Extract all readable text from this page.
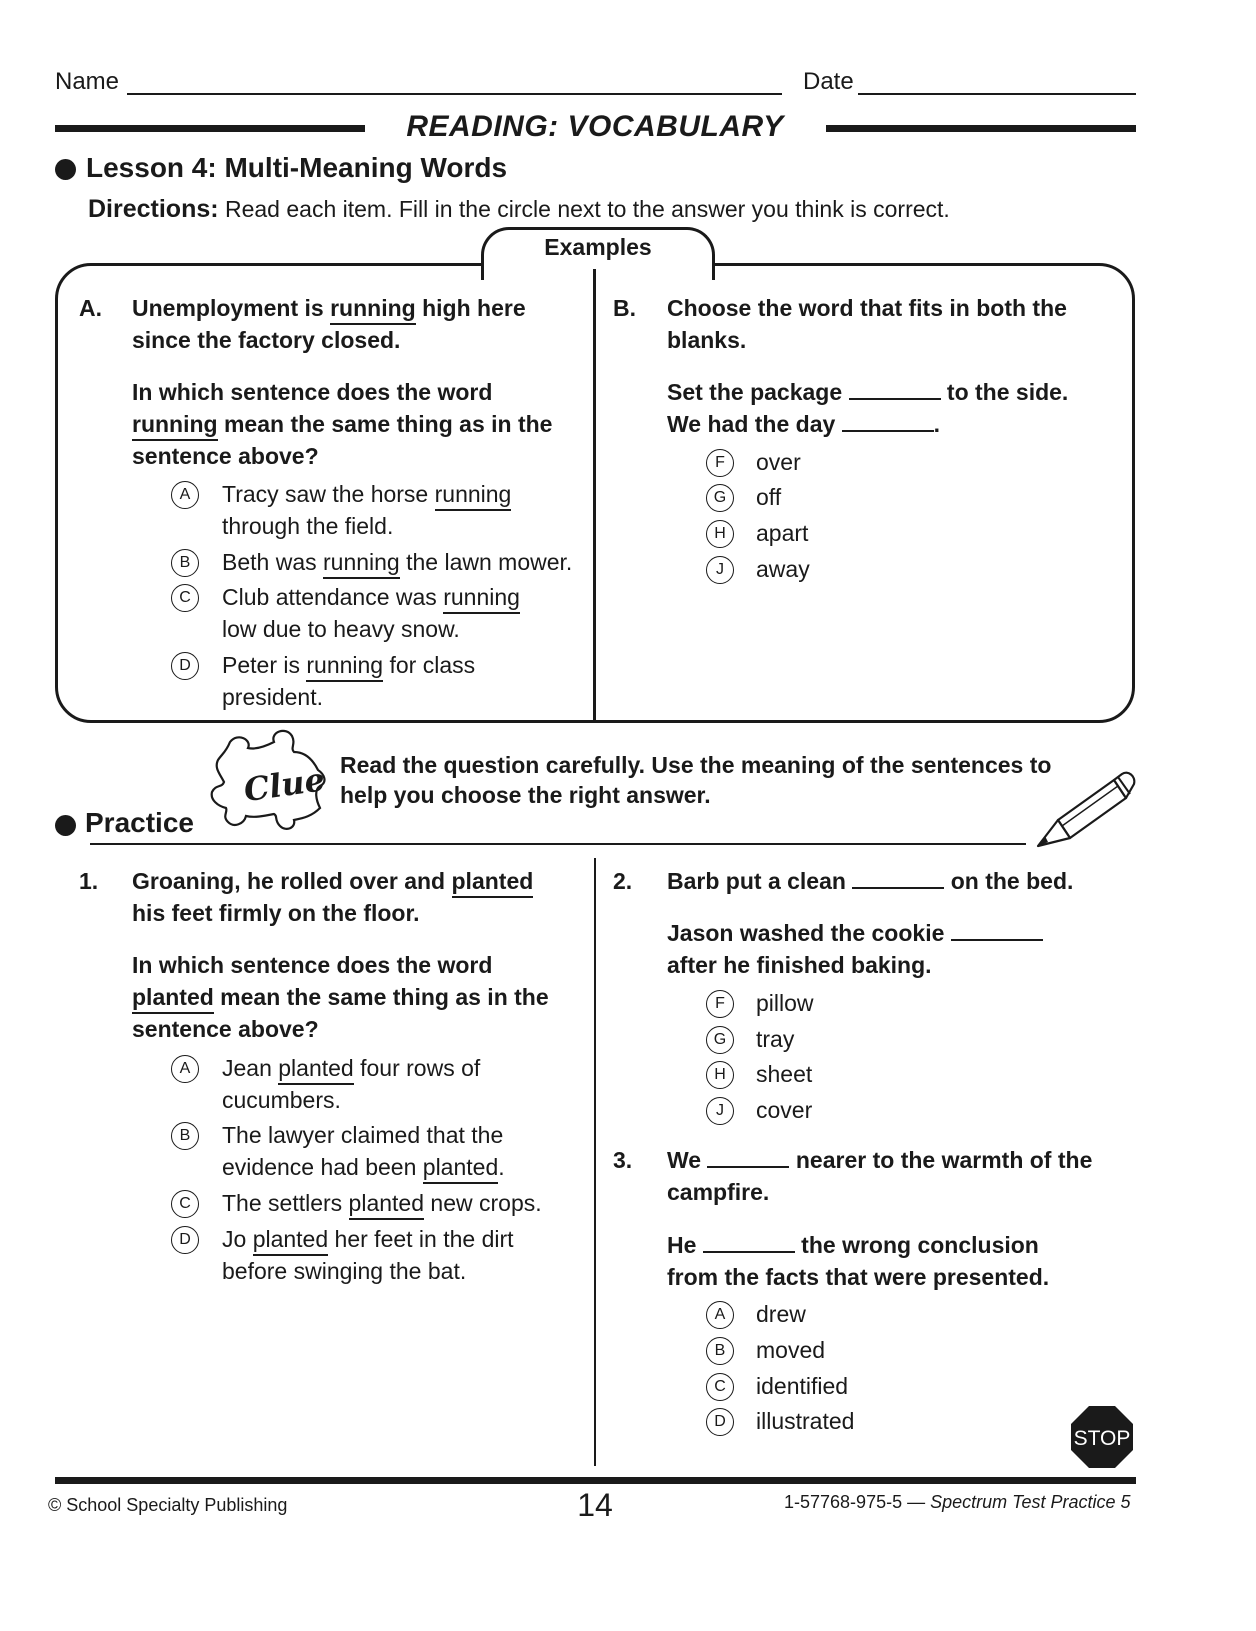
Name	Date
READING: VOCABULARY
Lesson 4: Multi-Meaning Words
Directions: Read each item. Fill in the circle next to the answer you think is correct.
Examples
A. Unemployment is running high here
since the factory closed.
In which sentence does the word
running mean the same thing as in the
sentence above?
A	Tracy saw the horse running
through the field.
B	Beth was running the lawn mower.
C	Club attendance was running
low due to heavy snow.
D	Peter is running for class
president.
B. Choose the word that fits in both the
blanks.
Set the package	to the side.
We had the day	.
F	over
G	off
H	apart
J	away
Clue Read the question carefully. Use the meaning of the sentences to
help you choose the right answer.
Practice
1. Groaning, he rolled over and planted
his feet firmly on the floor.
In which sentence does the word
planted mean the same thing as in the
sentence above?
A	Jean planted four rows of
cucumbers.
B	The lawyer claimed that the
evidence had been planted.
C	The settlers planted new crops.
D	Jo planted her feet in the dirt
before swinging the bat.
2. Barb put a clean	on the bed.
Jason washed the cookie
after he finished baking.
F	pillow
G	tray
H	sheet
J	cover
3. We	nearer to the warmth of the
campfire.
He	the wrong conclusion
from the facts that were presented.
A	drew
B	moved
C	identified
D	illustrated
STOP
© School Specialty Publishing	14	1-57768-975-5 — Spectrum Test Practice 5
